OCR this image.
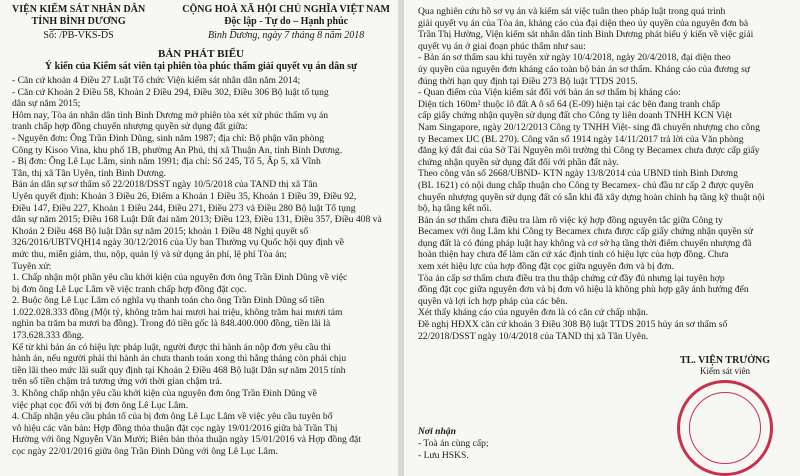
VIỆN KIỂM SÁT NHÂN DÂN
TỈNH BÌNH DƯƠNG
Số: /PB-VKS-DS
CỘNG HOÀ XÃ HỘI CHỦ NGHĨA VIỆT NAM
Độc lập - Tự do – Hạnh phúc
Bình Dương, ngày 7 tháng 8 năm 2018
BẢN PHÁT BIỂU
Ý kiến của Kiểm sát viên tại phiên tòa phúc thẩm giải quyết vụ án dân sự
- Căn cứ khoản 4 Điều 27 Luật Tổ chức Viện kiểm sát nhân dân năm 2014;
- Căn cứ Khoản 2 Điều 58, Khoản 2 Điều 294, Điều 302, Điều 306 Bộ luật tố tụng
dân sự năm 2015;
Hôm nay, Tòa án nhân dân tỉnh Bình Dương mở phiên tòa xét xử phúc thẩm vụ án
tranh chấp hợp đồng chuyển nhượng quyền sử dụng đất giữa:
- Nguyên đơn: Ông Trần Đình Dũng, sinh năm 1987; địa chỉ: Bộ phận văn phòng
Công ty Kisoo Vina, khu phố 1B, phường An Phú, thị xã Thuận An, tỉnh Bình Dương.
- Bị đơn: Ông Lê Lục Lâm, sinh năm 1991; địa chỉ: Số 245, Tổ 5, Ấp 5, xã Vĩnh
Tân, thị xã Tân Uyên, tỉnh Bình Dương.
Bản án dân sự sơ thẩm số 22/2018/DSST ngày 10/5/2018 của TAND thị xã Tân
Uyên quyết định: Khoản 3 Điều 26, Điểm a Khoản 1 Điều 35, Khoản 1 Điều 39, Điều 92,
Điều 147, Điều 227, Khoản 1 Điều 244, Điều 271, Điều 273 và Điều 280 Bộ luật Tố tụng
dân sự năm 2015; Điều 168 Luật Đất đai năm 2013; Điều 123, Điều 131, Điều 357, Điều 408 và
Khoản 2 Điều 468 Bộ luật Dân sự năm 2015; khoản 1 Điều 48 Nghị quyết số
326/2016/UBTVQH14 ngày 30/12/2016 của Ủy ban Thường vụ Quốc hội quy định về
mức thu, miễn giảm, thu, nộp, quản lý và sử dụng án phí, lệ phí Tòa án;
Tuyên xử:
1. Chấp nhận một phần yêu cầu khởi kiện của nguyên đơn ông Trần Đình Dũng về việc
bị đơn ông Lê Lục Lâm về việc tranh chấp hợp đồng đặt cọc.
2. Buộc ông Lê Lục Lâm có nghĩa vụ thanh toán cho ông Trần Đình Dũng số tiền
1.022.028.333 đồng (Một tỷ, không trăm hai mươi hai triệu, không trăm hai mươi tám
nghìn ba trăm ba mươi ba đồng). Trong đó tiền gốc là 848.400.000 đồng, tiền lãi là
173.628.333 đồng.
Kể từ khi bản án có hiệu lực pháp luật, người được thi hành án nộp đơn yêu cầu thi
hành án, nếu người phải thi hành án chưa thanh toán xong thì hằng tháng còn phải chịu
tiền lãi theo mức lãi suất quy định tại Khoản 2 Điều 468 Bộ luật Dân sự năm 2015 tính
trên số tiền chậm trả tương ứng với thời gian chậm trả.
3. Không chấp nhận yêu cầu khởi kiện của nguyên đơn ông Trần Đình Dũng về
việc phạt cọc đối với bị đơn ông Lê Lục Lâm.
4. Chấp nhận yêu cầu phản tố của bị đơn ông Lê Lục Lâm về việc yêu cầu tuyên bố
vô hiệu các văn bản: Hợp đồng thỏa thuận đặt cọc ngày 19/01/2016 giữa bà Trần Thị
Hường với ông Nguyễn Văn Mười; Biên bản thỏa thuận ngày 15/01/2016 và Hợp đồng đặt
cọc ngày 22/01/2016 giữa ông Trần Đình Dũng với ông Lê Lục Lâm.
Qua nghiên cứu hồ sơ vụ án và kiểm sát việc tuân theo pháp luật trong quá trình
giải quyết vụ án của Tòa án, kháng cáo của đại diện theo ủy quyền của nguyên đơn bà
Trần Thị Hường, Viện kiểm sát nhân dân tỉnh Bình Dương phát biểu ý kiến về việc giải
quyết vụ án ở giai đoạn phúc thẩm như sau:
- Bản án sơ thẩm sau khi tuyên xử ngày 10/4/2018, ngày 20/4/2018, đại diện theo
ủy quyền của nguyên đơn kháng cáo toàn bộ bản án sơ thẩm. Kháng cáo của đương sự
đúng thời hạn quy định tại Điều 273 Bộ luật TTDS 2015.
- Quan điểm của Viện kiểm sát đối với bản án sơ thẩm bị kháng cáo:
Diện tích 160m² thuộc lô đất A ô số 64 (E-09) hiện tại các bên đang tranh chấp
cấp giấy chứng nhận quyền sử dụng đất cho Công ty liên doanh TNHH KCN Việt
Nam Singapore, ngày 20/12/2013 Công ty TNHH Việt- sing đã chuyển nhượng cho công
ty Becamex IJC (BL 270). Công văn số 1914 ngày 14/11/2017 trả lời của Văn phòng
đăng ký đất đai của Sở Tài Nguyên môi trường thì Công ty Becamex chưa được cấp giấy
chứng nhận quyền sử dụng đất đối với phần đất này.
Theo công văn số 2668/UBND- KTN ngày 13/8/2014 của UBND tỉnh Bình Dương
(BL 1621) có nội dung chấp thuận cho Công ty Becamex- chủ đầu tư cấp 2 được quyền
chuyển nhượng quyền sử dụng đất có sẵn khi đã xây dựng hoàn chỉnh hạ tầng kỹ thuật nội
bộ, hạ tầng kết nối.
Bản án sơ thẩm chưa điều tra làm rõ việc ký hợp đồng nguyên tắc giữa Công ty
Becamex với ông Lâm khi Công ty Becamex chưa được cấp giấy chứng nhận quyền sử
dụng đất là có đúng pháp luật hay không và cơ sở hạ tầng thời điểm chuyển nhượng đã
hoàn thiện hay chưa để làm căn cứ xác định tính có hiệu lực của hợp đồng. Chưa
xem xét hiệu lực của hợp đồng đặt cọc giữa nguyên đơn và bị đơn.
Tòa án cấp sơ thẩm chưa điều tra thu thập chứng cứ đầy đủ nhưng lại tuyên hợp
đồng đặt cọc giữa nguyên đơn và bị đơn vô hiệu là không phù hợp gây ảnh hưởng đến
quyền và lợi ích hợp pháp của các bên.
Xét thấy kháng cáo của nguyên đơn là có căn cứ chấp nhận.
Đề nghị HĐXX căn cứ khoản 3 Điều 308 Bộ luật TTDS 2015 hủy án sơ thẩm số
22/2018/DSST ngày 10/4/2018 của TAND thị xã Tân Uyên.
Nơi nhận
- Toà án cùng cấp;
- Lưu HSKS.
TL. VIỆN TRƯỞNG
Kiểm sát viên
